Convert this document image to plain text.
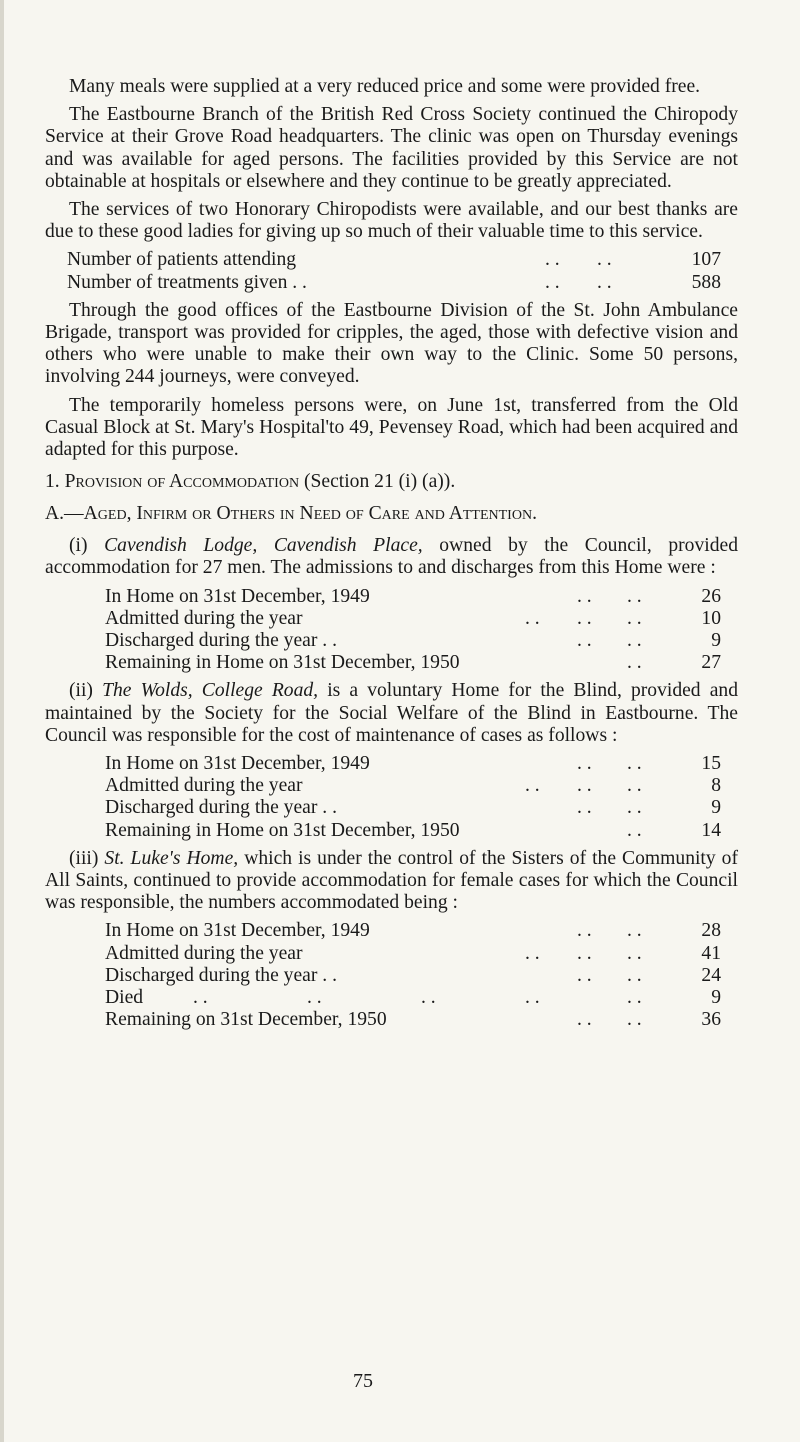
Many meals were supplied at a very reduced price and some were provided free.

The Eastbourne Branch of the British Red Cross Society continued the Chiropody Service at their Grove Road headquarters. The clinic was open on Thursday evenings and was available for aged persons. The facilities provided by this Service are not obtainable at hospitals or elsewhere and they continue to be greatly appreciated.

The services of two Honorary Chiropodists were available, and our best thanks are due to these good ladies for giving up so much of their valuable time to this service.

Number of patients attending	. . . .	107
Number of treatments given . .	. . . .	588

Through the good offices of the Eastbourne Division of the St. John Ambulance Brigade, transport was provided for cripples, the aged, those with defective vision and others who were unable to make their own way to the Clinic. Some 50 persons, involving 244 journeys, were conveyed.

The temporarily homeless persons were, on June 1st, transferred from the Old Casual Block at St. Mary's Hospital'to 49, Pevensey Road, which had been acquired and adapted for this purpose.

1. Provision of Accommodation (Section 21 (i) (a)).
A.—Aged, Infirm or Others in Need of Care and Attention.

(i) Cavendish Lodge, Cavendish Place, owned by the Council, provided accommodation for 27 men. The admissions to and discharges from this Home were :

In Home on 31st December, 1949	. . . .	26
Admitted during the year	. . . . . .	10
Discharged during the year . .	. . . .	9
Remaining in Home on 31st December, 1950	. .	27

(ii) The Wolds, College Road, is a voluntary Home for the Blind, provided and maintained by the Society for the Social Welfare of the Blind in Eastbourne. The Council was responsible for the cost of maintenance of cases as follows :

In Home on 31st December, 1949	. . . .	15
Admitted during the year	. . . . . .	8
Discharged during the year . .	. . . .	9
Remaining in Home on 31st December, 1950	. .	14

(iii) St. Luke's Home, which is under the control of the Sisters of the Community of All Saints, continued to provide accommodation for female cases for which the Council was responsible, the numbers accommodated being :

In Home on 31st December, 1949	. . . .	28
Admitted during the year	. . . . . .	41
Discharged during the year . .	. . . .	24
Died	. .	. .	. .	. .	. .	9
Remaining on 31st December, 1950	. . . .	36
75
